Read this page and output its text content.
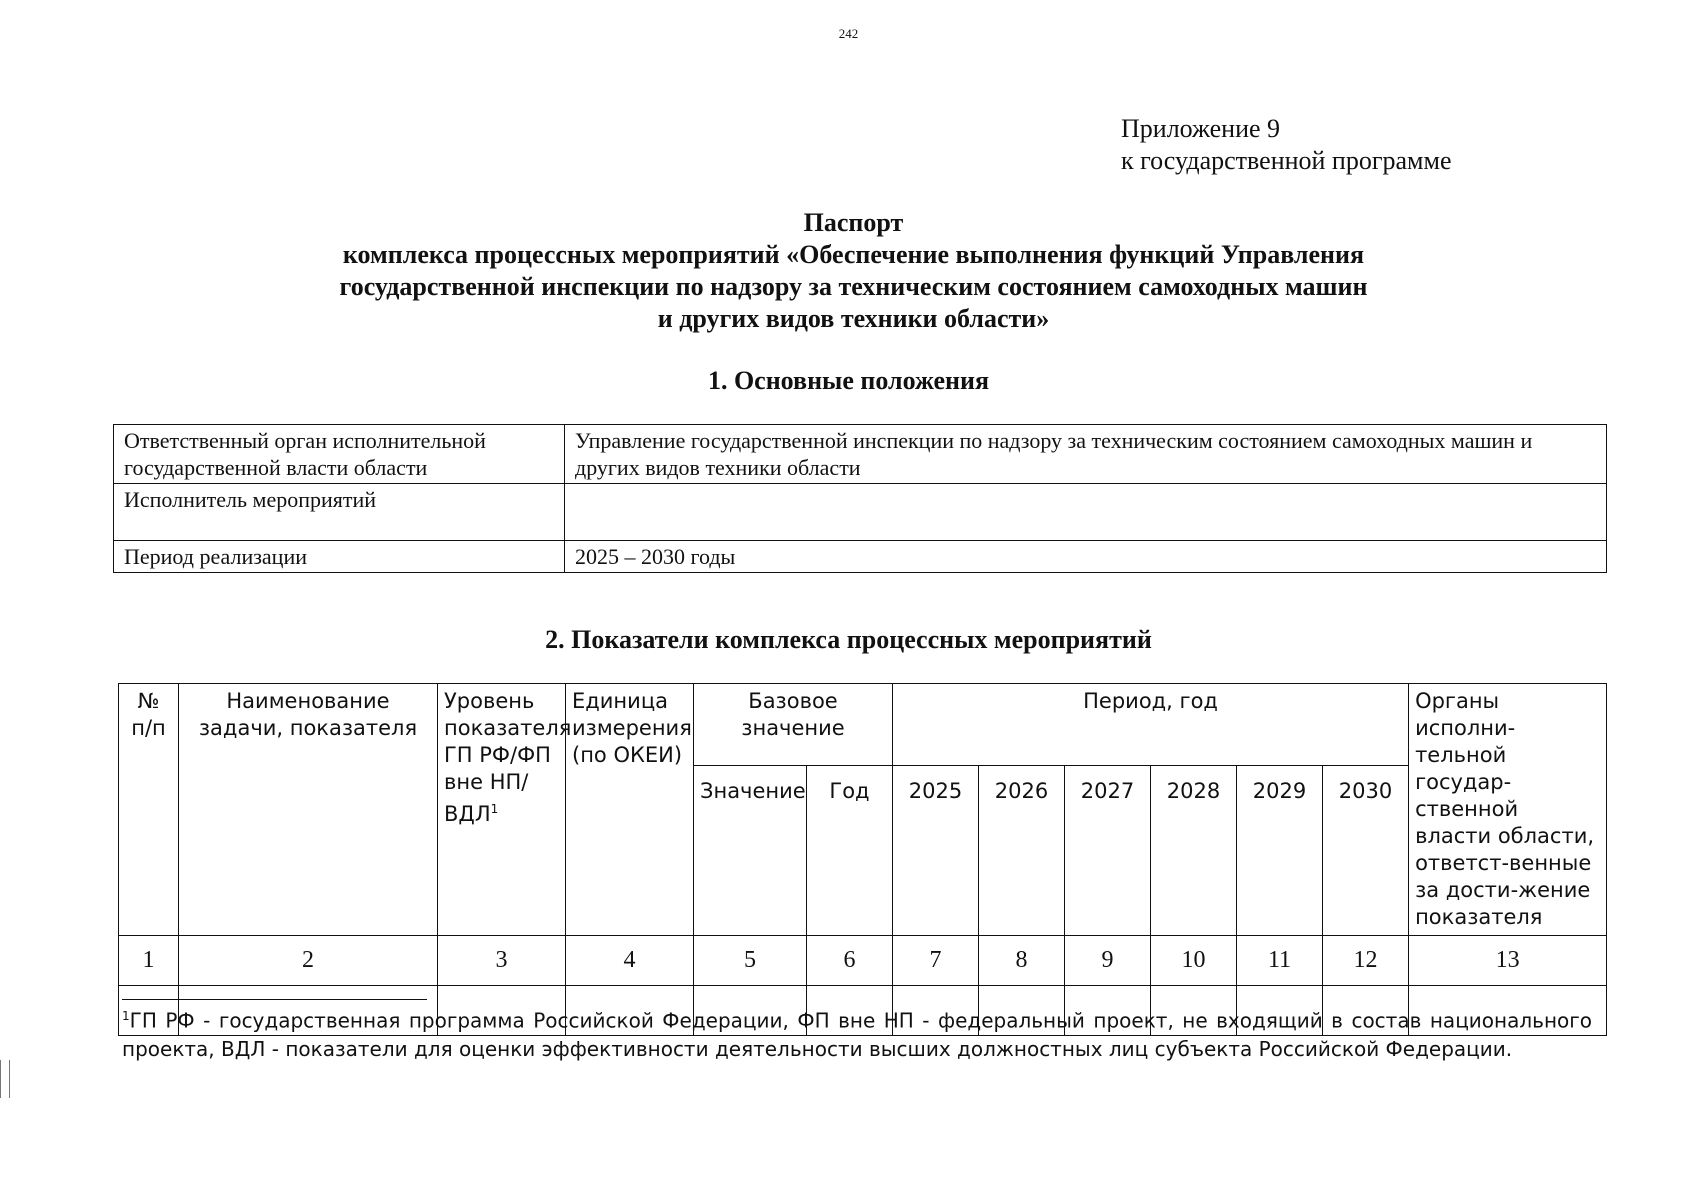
242
Приложение 9
к государственной программе
Паспорт
комплекса процессных мероприятий «Обеспечение выполнения функций Управления
государственной инспекции по надзору за техническим состоянием самоходных машин
и других видов техники области»
1. Основные положения
Ответственный орган исполнительной государственной власти области	Управление государственной инспекции по надзору за техническим состоянием самоходных машин и других видов техники области
Исполнитель мероприятий	
Период реализации	2025 – 2030 годы
2. Показатели комплекса процессных мероприятий
№ п/п	Наименование задачи, показателя	Уровень показателя ГП РФ/ФП вне НП/ВДЛ$^1$	Единица измерения (по ОКЕИ)	Базовое значение		Период, год						Органы исполни-тельной государ-ственной власти области, ответст-венные за дости-жение показателя
				Значение	Год	2025	2026	2027	2028	2029	2030	
1	2	3	4	5	6	7	8	9	10	11	12	13

$^1$ГП РФ - государственная программа Российской Федерации, ФП вне НП - федеральный проект, не входящий в состав национального проекта, ВДЛ - показатели для оценки эффективности деятельности высших должностных лиц субъекта Российской Федерации.
